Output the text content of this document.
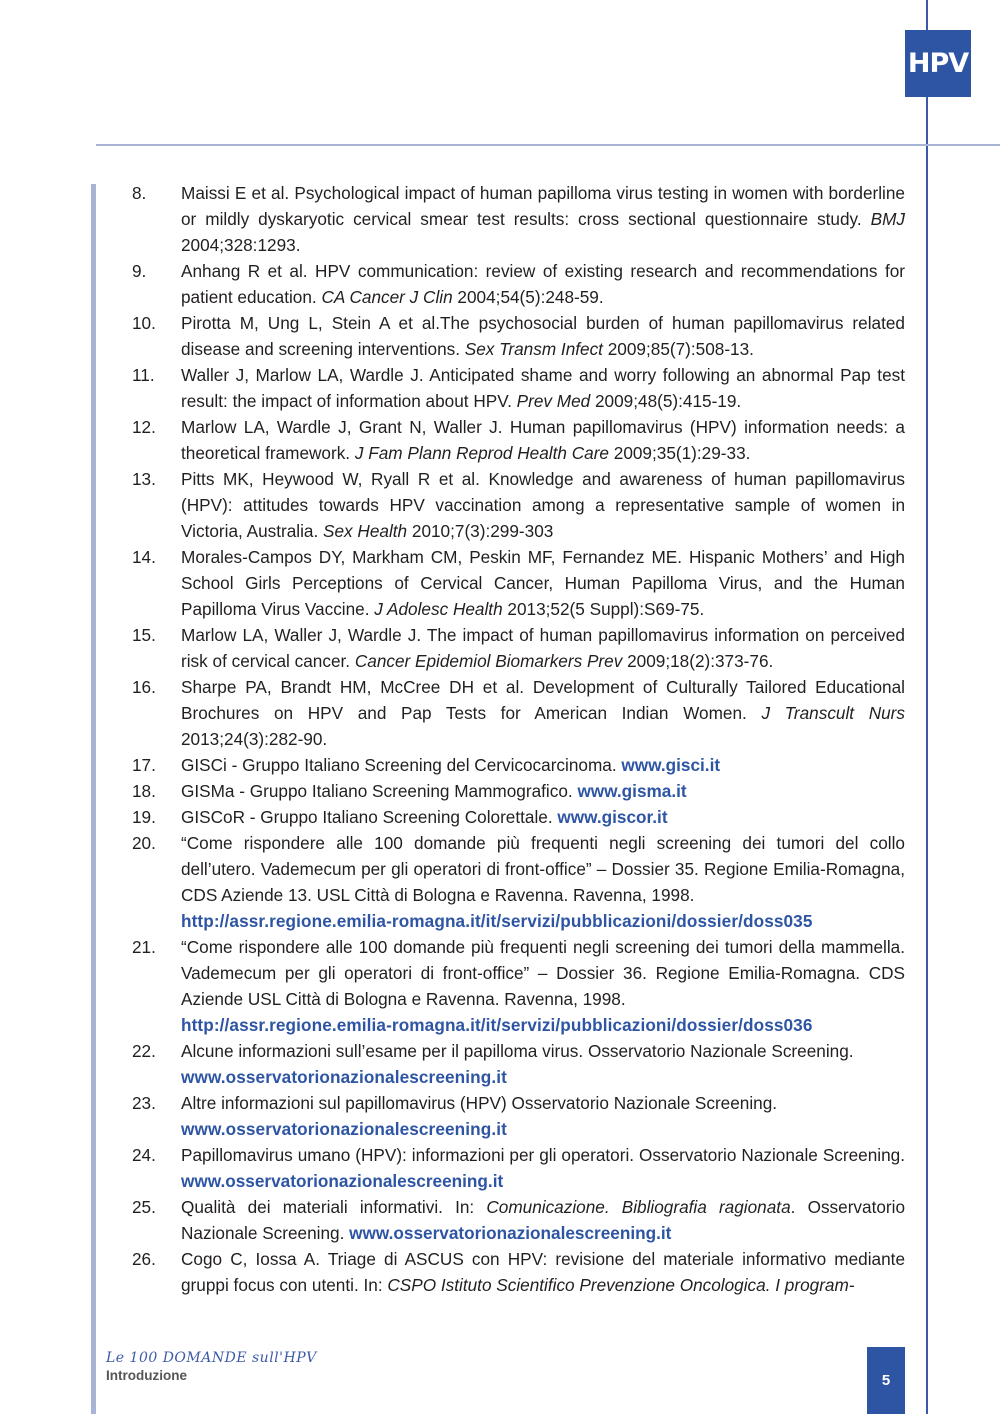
HPV
8.	Maissi E et al. Psychological impact of human papilloma virus testing in women with borderline or mildly dyskaryotic cervical smear test results: cross sectional questionnaire study. BMJ 2004;328:1293.
9.	Anhang R et al. HPV communication: review of existing research and recommendations for patient education. CA Cancer J Clin 2004;54(5):248-59.
10.	Pirotta M, Ung L, Stein A et al.The psychosocial burden of human papillomavirus related disease and screening interventions. Sex Transm Infect 2009;85(7):508-13.
11.	Waller J, Marlow LA, Wardle J. Anticipated shame and worry following an abnormal Pap test result: the impact of information about HPV. Prev Med 2009;48(5):415-19.
12.	Marlow LA, Wardle J, Grant N, Waller J. Human papillomavirus (HPV) information needs: a theoretical framework. J Fam Plann Reprod Health Care 2009;35(1):29-33.
13.	Pitts MK, Heywood W, Ryall R et al. Knowledge and awareness of human papillomavirus (HPV): attitudes towards HPV vaccination among a representative sample of women in Victoria, Australia. Sex Health 2010;7(3):299-303
14.	Morales-Campos DY, Markham CM, Peskin MF, Fernandez ME. Hispanic Mothers’ and High School Girls Perceptions of Cervical Cancer, Human Papilloma Virus, and the Human Papilloma Virus Vaccine. J Adolesc Health 2013;52(5 Suppl):S69-75.
15.	Marlow LA, Waller J, Wardle J. The impact of human papillomavirus information on perceived risk of cervical cancer. Cancer Epidemiol Biomarkers Prev 2009;18(2):373-76.
16.	Sharpe PA, Brandt HM, McCree DH et al. Development of Culturally Tailored Educational Brochures on HPV and Pap Tests for American Indian Women. J Transcult Nurs 2013;24(3):282-90.
17.	GISCi - Gruppo Italiano Screening del Cervicocarcinoma. www.gisci.it
18.	GISMa - Gruppo Italiano Screening Mammografico. www.gisma.it
19.	GISCoR - Gruppo Italiano Screening Colorettale. www.giscor.it
20.	“Come rispondere alle 100 domande più frequenti negli screening dei tumori del collo dell’utero. Vademecum per gli operatori di front-office” – Dossier 35. Regione Emilia-Romagna, CDS Aziende 13. USL Città di Bologna e Ravenna. Ravenna, 1998.
http://assr.regione.emilia-romagna.it/it/servizi/pubblicazioni/dossier/doss035
21.	“Come rispondere alle 100 domande più frequenti negli screening dei tumori della mammella. Vademecum per gli operatori di front-office” – Dossier 36. Regione Emilia-Romagna. CDS Aziende USL Città di Bologna e Ravenna. Ravenna, 1998.
http://assr.regione.emilia-romagna.it/it/servizi/pubblicazioni/dossier/doss036
22.	Alcune informazioni sull’esame per il papilloma virus. Osservatorio Nazionale Screening.
www.osservatorionazionalescreening.it
23.	Altre informazioni sul papillomavirus (HPV) Osservatorio Nazionale Screening.
www.osservatorionazionalescreening.it
24.	Papillomavirus umano (HPV): informazioni per gli operatori. Osservatorio Nazionale Screening. www.osservatorionazionalescreening.it
25.	Qualità dei materiali informativi. In: Comunicazione. Bibliografia ragionata. Osservatorio Nazionale Screening. www.osservatorionazionalescreening.it
26.	Cogo C, Iossa A. Triage di ASCUS con HPV: revisione del materiale informativo mediante gruppi focus con utenti. In: CSPO Istituto Scientifico Prevenzione Oncologica. I program-
Le 100 DOMANDE sull'HPV
Introduzione	5
